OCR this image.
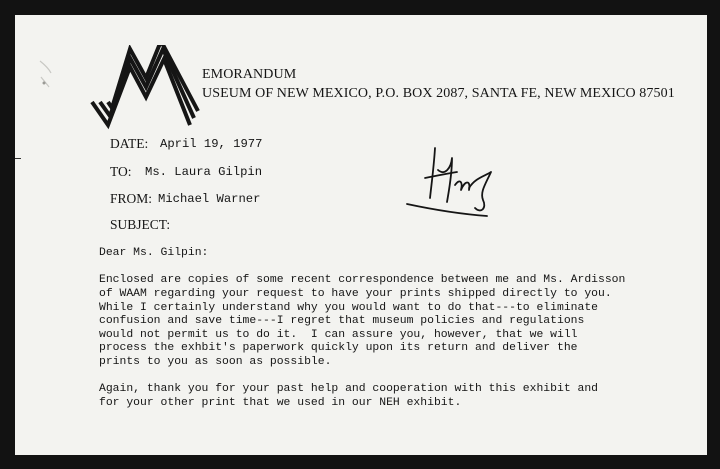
EMORANDUM
USEUM OF NEW MEXICO, P.O. BOX 2087, SANTA FE, NEW MEXICO 87501
DATE: April 19, 1977
TO: Ms. Laura Gilpin
FROM: Michael Warner
SUBJECT:
Dear Ms. Gilpin:
Enclosed are copies of some recent correspondence between me and Ms. Ardisson
of WAAM regarding your request to have your prints shipped directly to you.
While I certainly understand why you would want to do that---to eliminate
confusion and save time---I regret that museum policies and regulations
would not permit us to do it.  I can assure you, however, that we will
process the exhbit's paperwork quickly upon its return and deliver the
prints to you as soon as possible.
Again, thank you for your past help and cooperation with this exhibit and
for your other print that we used in our NEH exhibit.
